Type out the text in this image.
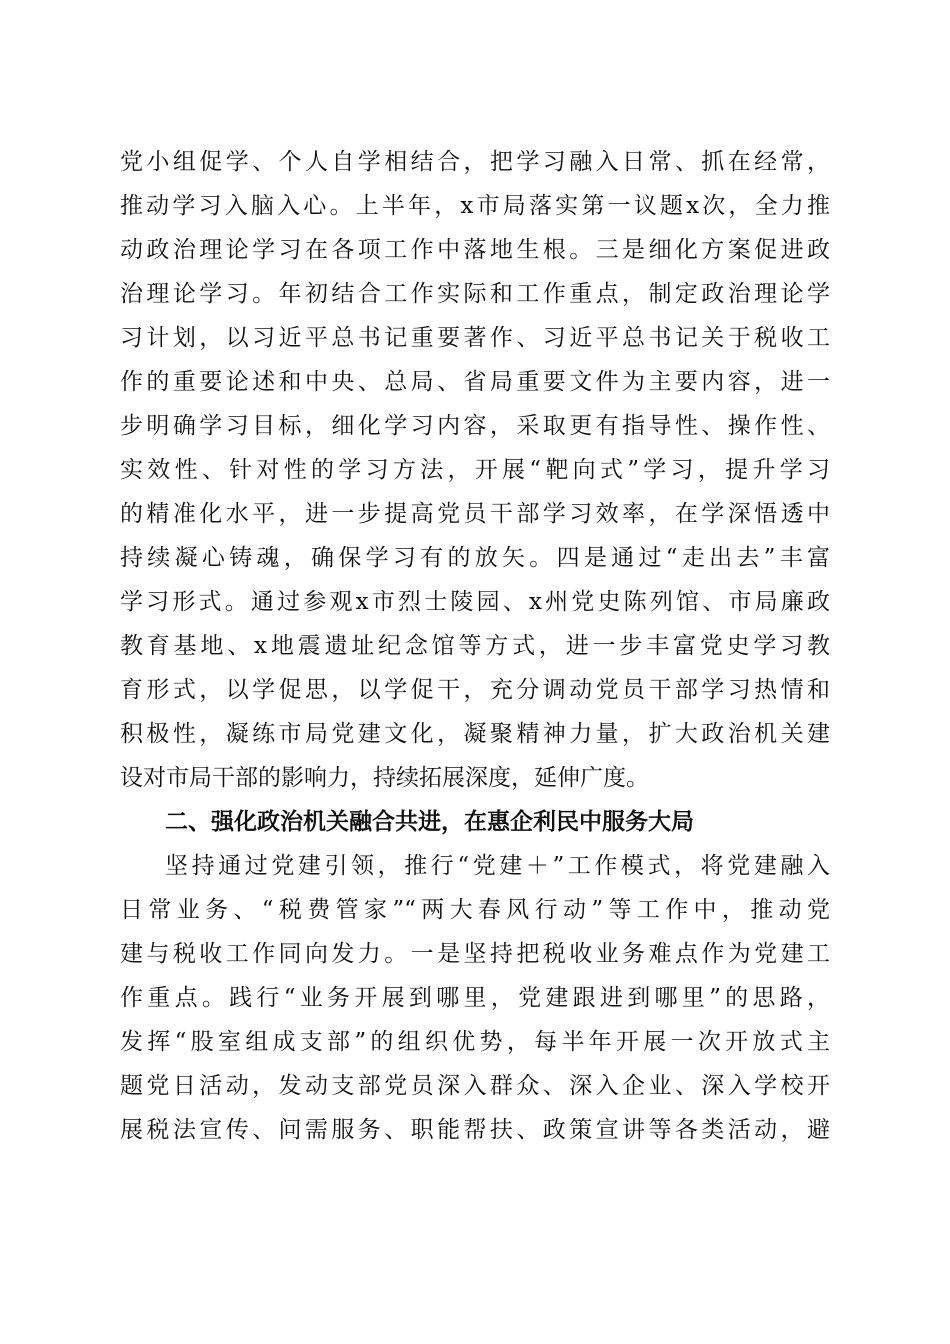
党小组促学、个人自学相结合，把学习融入日常、抓在经常，
推动学习入脑入心。上半年，x市局落实第一议题x次，全力推
动政治理论学习在各项工作中落地生根。三是细化方案促进政
治理论学习。年初结合工作实际和工作重点，制定政治理论学
习计划，以习近平总书记重要著作、习近平总书记关于税收工
作的重要论述和中央、总局、省局重要文件为主要内容，进一
步明确学习目标，细化学习内容，采取更有指导性、操作性、
实效性、针对性的学习方法，开展“靶向式”学习，提升学习
的精准化水平，进一步提高党员干部学习效率，在学深悟透中
持续凝心铸魂，确保学习有的放矢。四是通过“走出去”丰富
学习形式。通过参观x市烈士陵园、x州党史陈列馆、市局廉政
教育基地、x地震遗址纪念馆等方式，进一步丰富党史学习教
育形式，以学促思，以学促干，充分调动党员干部学习热情和
积极性，凝练市局党建文化，凝聚精神力量，扩大政治机关建
设对市局干部的影响力，持续拓展深度，延伸广度。
二、强化政治机关融合共进，在惠企利民中服务大局
坚持通过党建引领，推行“党建＋”工作模式，将党建融入
日常业务、“税费管家”“两大春风行动”等工作中，推动党
建与税收工作同向发力。一是坚持把税收业务难点作为党建工
作重点。践行“业务开展到哪里，党建跟进到哪里”的思路，
发挥“股室组成支部”的组织优势，每半年开展一次开放式主
题党日活动，发动支部党员深入群众、深入企业、深入学校开
展税法宣传、问需服务、职能帮扶、政策宣讲等各类活动，避
